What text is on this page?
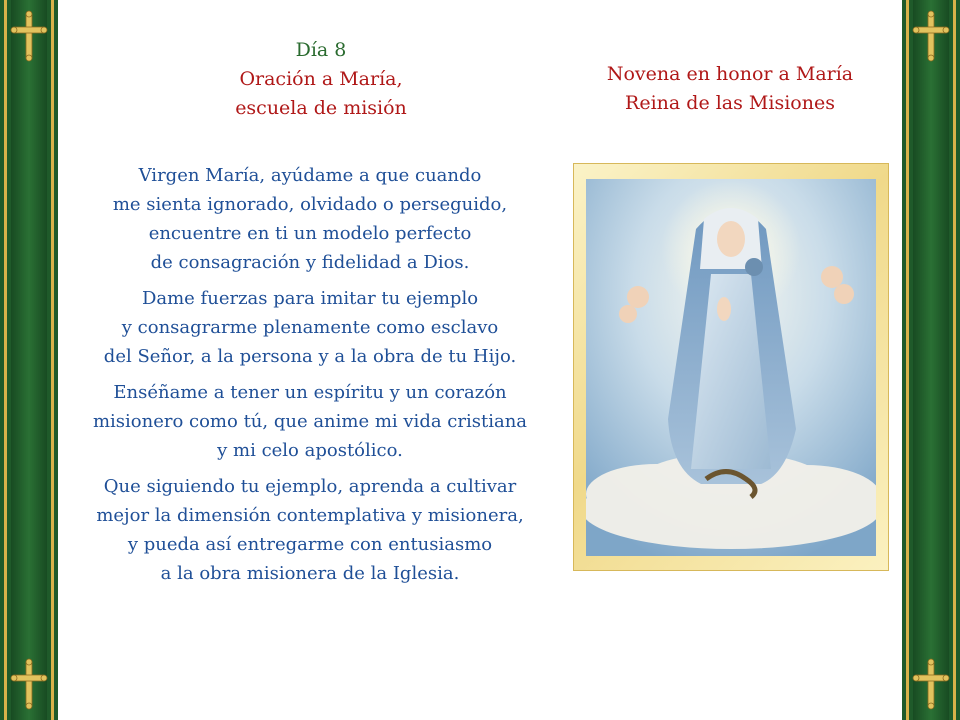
Día 8
Oración a María,
escuela de misión
Novena en honor a María
Reina de las Misiones
Virgen María, ayúdame a que cuando
me sienta ignorado, olvidado o perseguido,
encuentre en ti un modelo perfecto
de consagración y fidelidad a Dios.
Dame fuerzas para imitar tu ejemplo
y consagrarme plenamente como esclavo
del Señor, a la persona y a la obra de tu Hijo.
Enséñame a tener un espíritu y un corazón
misionero como tú, que anime mi vida cristiana
y mi celo apostólico.
Que siguiendo tu ejemplo, aprenda a cultivar
mejor la dimensión contemplativa y misionera,
y pueda así entregarme con entusiasmo
a la obra misionera de la Iglesia.
